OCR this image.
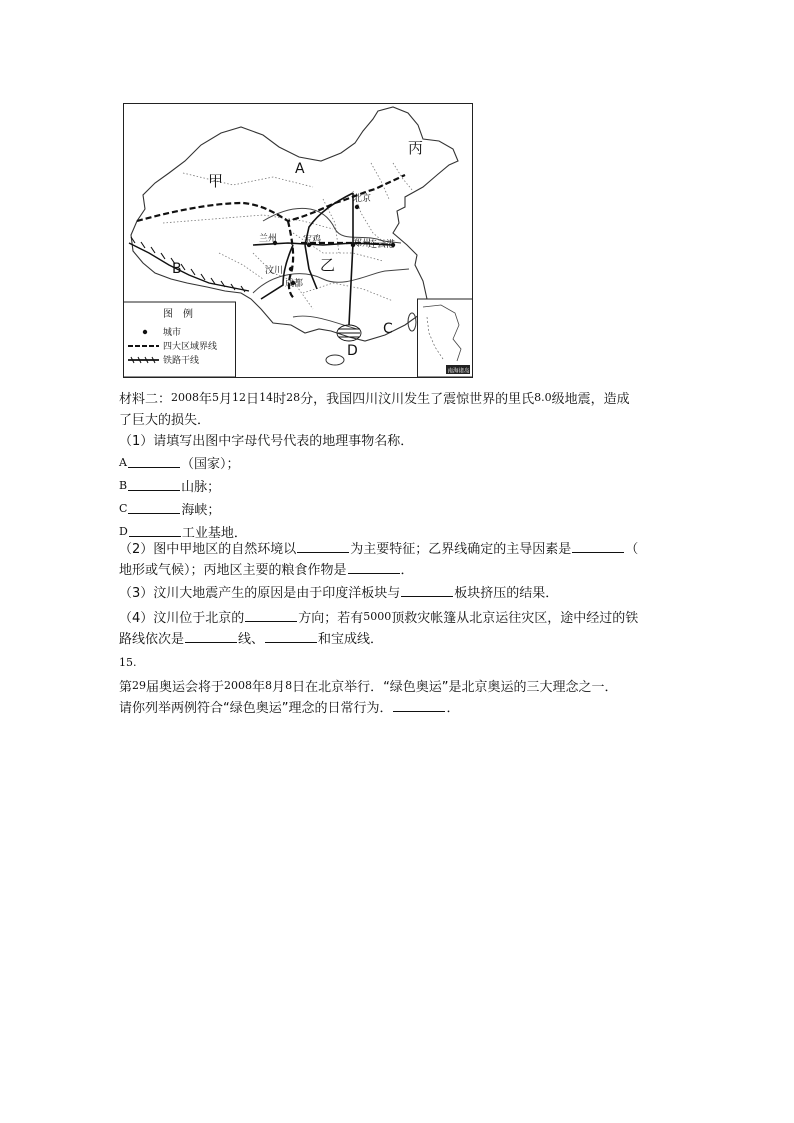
A
B
C
D
甲
乙
丙
北京
兰州	宝鸡	郑州
连云港
汶川
成都
图　例
城市
四大区域界线
铁路干线
南海诸岛
材料二：2008年5月12日14时28分，我国四川汶川发生了震惊世界的里氏8.0级地震，造成
了巨大的损失．
（1）请填写出图中字母代号代表的地理事物名称．
A	（国家）；
B	山脉；
C	海峡；
D	工业基地．
（2）图中甲地区的自然环境以	为主要特征；乙界线确定的主导因素是	（
地形或气候）；丙地区主要的粮食作物是	．
（3）汶川大地震产生的原因是由于印度洋板块与	板块挤压的结果．
（4）汶川位于北京的	方向；若有5000顶救灾帐篷从北京运往灾区，途中经过的铁
路线依次是	线、	和宝成线．
15.
第29届奥运会将于2008年8月8日在北京举行．“绿色奥运”是北京奥运的三大理念之一．
请你列举两例符合“绿色奥运”理念的日常行为．	．
